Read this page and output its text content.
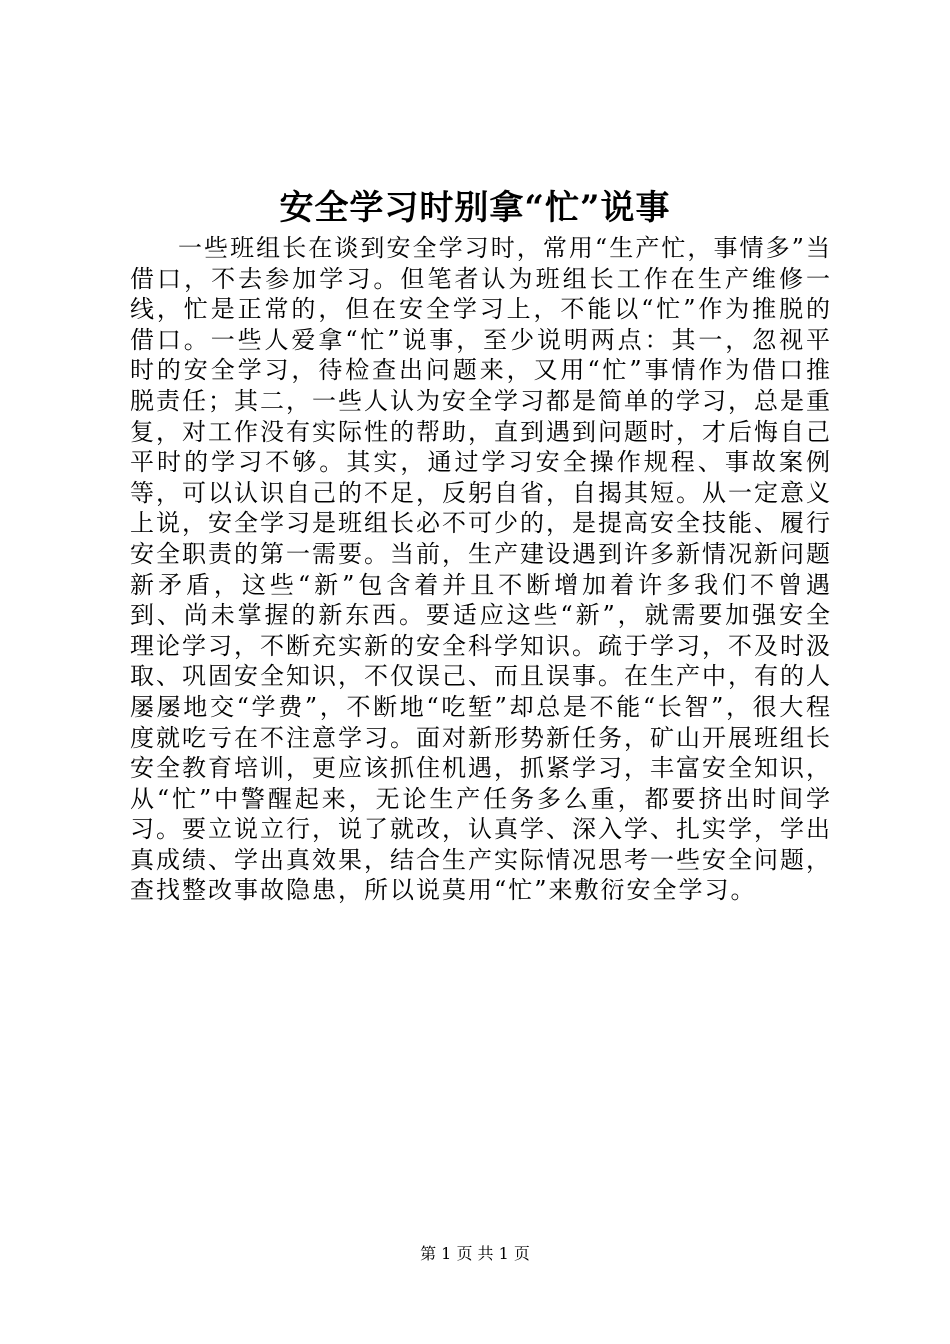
安全学习时别拿“忙”说事

一些班组长在谈到安全学习时，常用“生产忙，事情多”当借口，不去参加学习。但笔者认为班组长工作在生产维修一线，忙是正常的，但在安全学习上，不能以“忙”作为推脱的借口。一些人爱拿“忙”说事，至少说明两点：其一，忽视平时的安全学习，待检查出问题来，又用“忙”事情作为借口推脱责任；其二，一些人认为安全学习都是简单的学习，总是重复，对工作没有实际性的帮助，直到遇到问题时，才后悔自己平时的学习不够。其实，通过学习安全操作规程、事故案例等，可以认识自己的不足，反躬自省，自揭其短。从一定意义上说，安全学习是班组长必不可少的，是提高安全技能、履行安全职责的第一需要。当前，生产建设遇到许多新情况新问题新矛盾，这些“新”包含着并且不断增加着许多我们不曾遇到、尚未掌握的新东西。要适应这些“新”，就需要加强安全理论学习，不断充实新的安全科学知识。疏于学习，不及时汲取、巩固安全知识，不仅误己、而且误事。在生产中，有的人屡屡地交“学费”，不断地“吃堑”却总是不能“长智”，很大程度就吃亏在不注意学习。面对新形势新任务，矿山开展班组长安全教育培训，更应该抓住机遇，抓紧学习，丰富安全知识，从“忙”中警醒起来，无论生产任务多么重，都要挤出时间学习。要立说立行，说了就改，认真学、深入学、扎实学，学出真成绩、学出真效果，结合生产实际情况思考一些安全问题，查找整改事故隐患，所以说莫用“忙”来敷衍安全学习。

第 1 页 共 1 页
